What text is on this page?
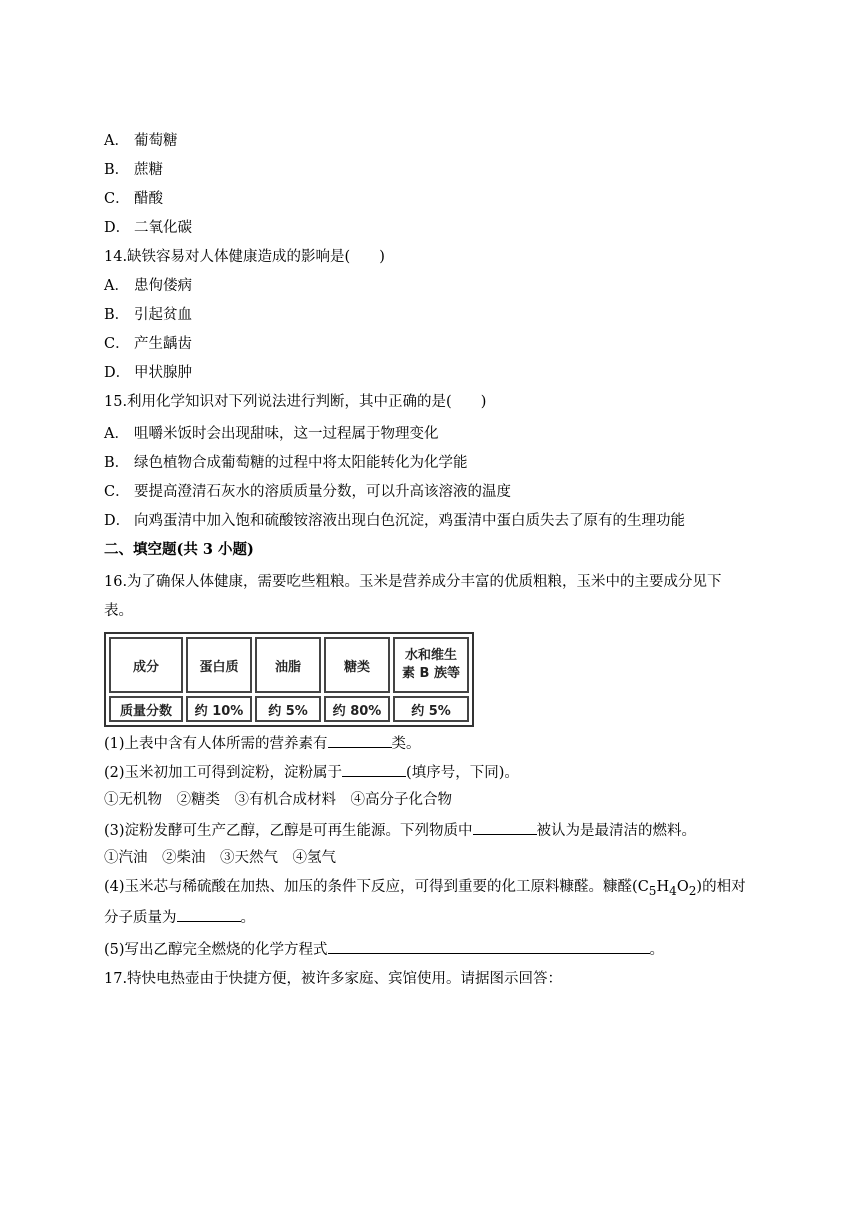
A． 葡萄糖
B． 蔗糖
C． 醋酸
D． 二氧化碳
14.缺铁容易对人体健康造成的影响是(　　)
A． 患佝偻病
B． 引起贫血
C． 产生龋齿
D． 甲状腺肿
15.利用化学知识对下列说法进行判断，其中正确的是(　　)
A． 咀嚼米饭时会出现甜味，这一过程属于物理变化
B． 绿色植物合成葡萄糖的过程中将太阳能转化为化学能
C． 要提高澄清石灰水的溶质质量分数，可以升高该溶液的温度
D． 向鸡蛋清中加入饱和硫酸铵溶液出现白色沉淀，鸡蛋清中蛋白质失去了原有的生理功能
二、填空题(共 3 小题)
16.为了确保人体健康，需要吃些粗粮。玉米是营养成分丰富的优质粗粮，玉米中的主要成分见下
表。
成分	蛋白质	油脂	糖类	水和维生素 B 族等
质量分数	约 10%	约 5%	约 80%	约 5%
(1)上表中含有人体所需的营养素有	类。
(2)玉米初加工可得到淀粉，淀粉属于	(填序号，下同)。
①无机物　②糖类　③有机合成材料　④高分子化合物
(3)淀粉发酵可生产乙醇，乙醇是可再生能源。下列物质中	被认为是最清洁的燃料。
①汽油　②柴油　③天然气　④氢气
(4)玉米芯与稀硫酸在加热、加压的条件下反应，可得到重要的化工原料糠醛。糠醛$(C_5H_4O_2)$的相对
分子质量为	。
(5)写出乙醇完全燃烧的化学方程式	。
17.特快电热壶由于快捷方便，被许多家庭、宾馆使用。请据图示回答：
